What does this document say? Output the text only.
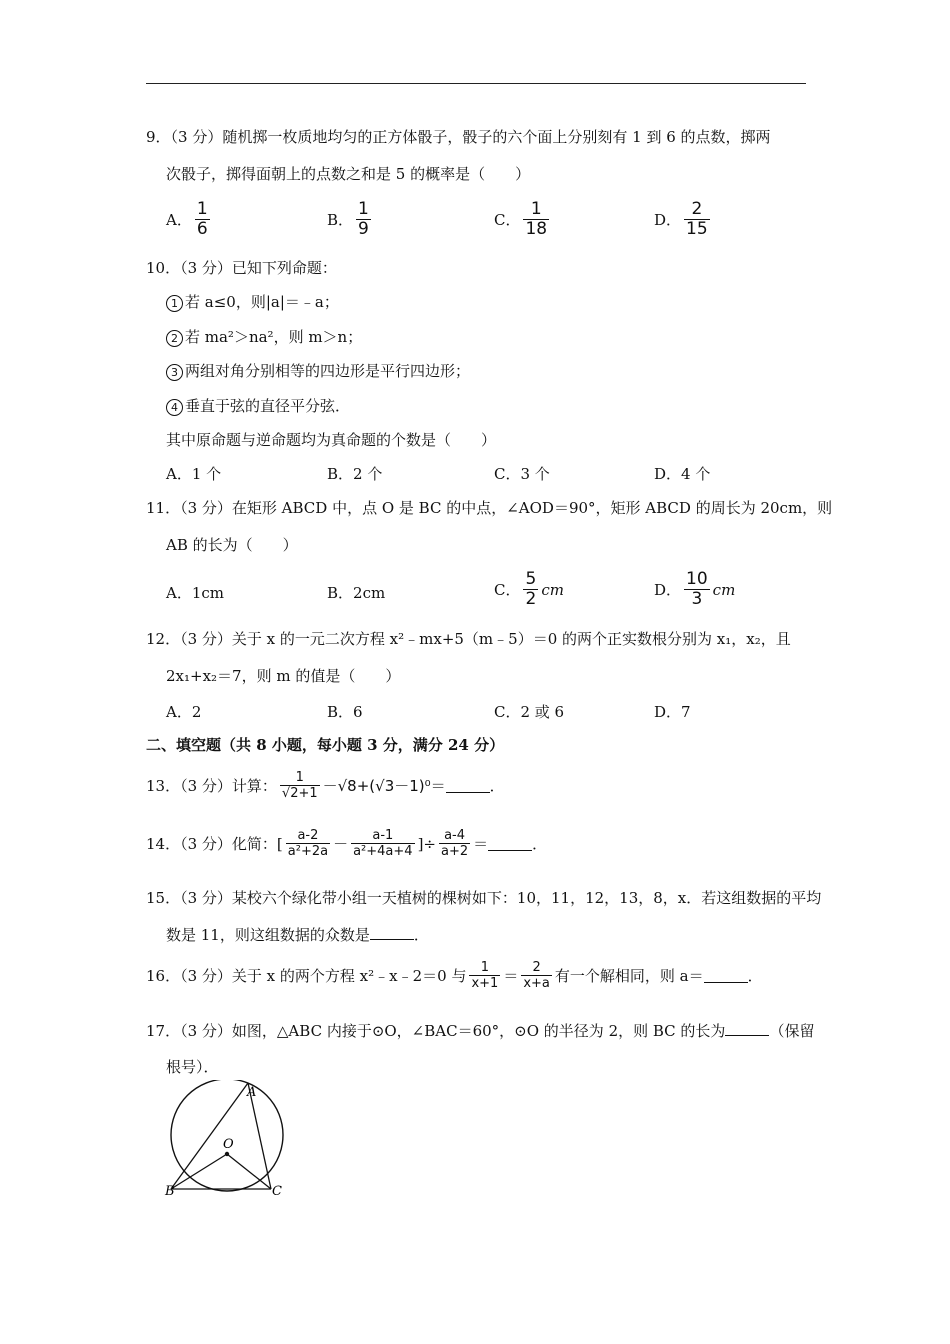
9．（3 分）随机掷一枚质地均匀的正方体骰子，骰子的六个面上分别刻有 1 到 6 的点数，掷两
次骰子，掷得面朝上的点数之和是 5 的概率是（　　）
A． $\frac{1}{6}$	B． $\frac{1}{9}$	C． $\frac{1}{18}$	D． $\frac{2}{15}$
10．（3 分）已知下列命题：
1 若 a≤0，则|a|＝﹣a；
2 若 ma²＞na²，则 m＞n；
3 两组对角分别相等的四边形是平行四边形；
4 垂直于弦的直径平分弦．
其中原命题与逆命题均为真命题的个数是（　　）
A．1 个	B．2 个	C．3 个	D．4 个
11．（3 分）在矩形 ABCD 中，点 O 是 BC 的中点，∠AOD＝90°，矩形 ABCD 的周长为 20cm，则
AB 的长为（　　）
A．1cm	B．2cm	C． $\frac{5}{2}$ cm	D． $\frac{10}{3}$ cm
12．（3 分）关于 x 的一元二次方程 x²﹣mx+5（m﹣5）＝0 的两个正实数根分别为 x₁，x₂，且
2x₁+x₂＝7，则 m 的值是（　　）
A．2	B．6	C．2 或 6	D．7
二、填空题（共 8 小题，每小题 3 分，满分 24 分）
13．（3 分）计算： $\frac{1}{√2+1} -√8+(√3-1)^0=$	．
14．（3 分）化简：[ $\frac{a-2}{\text{a²+2a}} - \frac{a-1}{\text{a²+4a+4}}$ ]÷ $\frac{a-4}{a+2}$ ＝	．
15．（3 分）某校六个绿化带小组一天植树的棵树如下：10，11，12，13，8，x．若这组数据的平均
数是 11，则这组数据的众数是	．
16．（3 分）关于 x 的两个方程 x²﹣x﹣2＝0 与 $\frac{1}{x+1} = \frac{2}{x+a}$ 有一个解相同，则 a＝	．
17．（3 分）如图，△ABC 内接于⊙O，∠BAC＝60°，⊙O 的半径为 2，则 BC 的长为	（保留
根号）．
A
B	C
O
